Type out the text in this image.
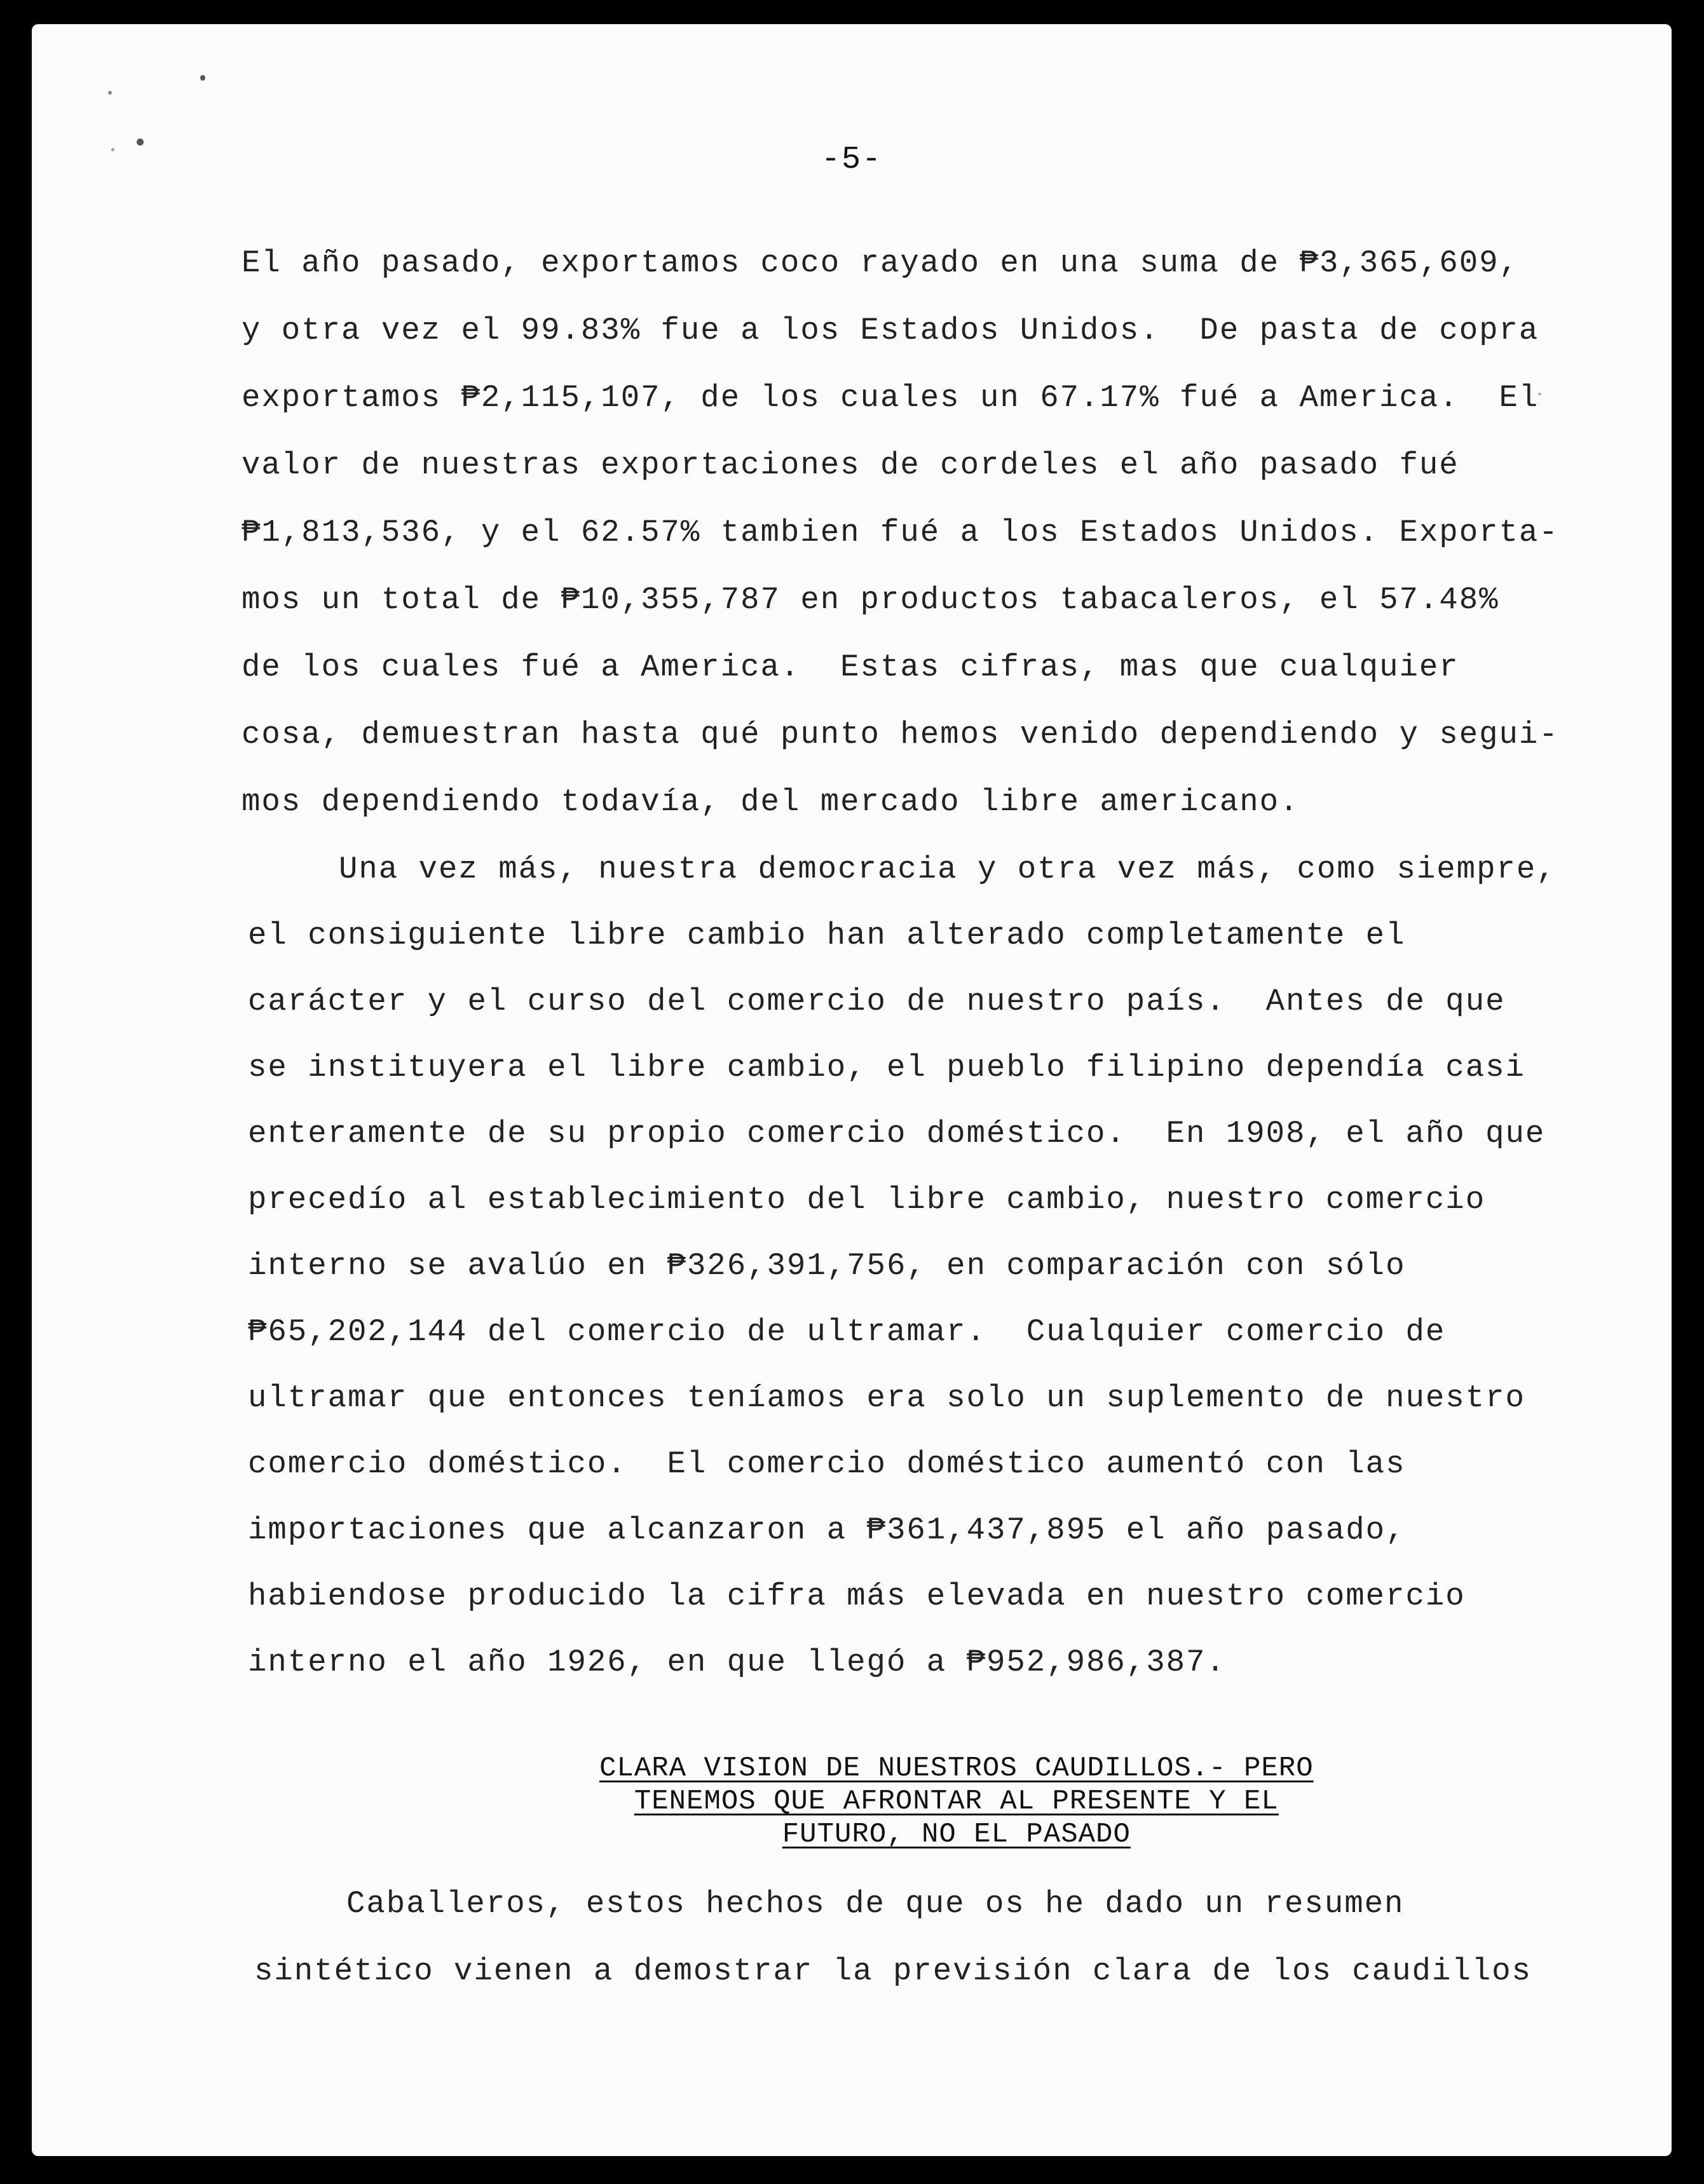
-5-
El año pasado, exportamos coco rayado en una suma de ₱3,365,609,
y otra vez el 99.83% fue a los Estados Unidos.  De pasta de copra
exportamos ₱2,115,107, de los cuales un 67.17% fué a America.  El
valor de nuestras exportaciones de cordeles el año pasado fué
₱1,813,536, y el 62.57% tambien fué a los Estados Unidos. Exporta-
mos un total de ₱10,355,787 en productos tabacaleros, el 57.48%
de los cuales fué a America.  Estas cifras, mas que cualquier
cosa, demuestran hasta qué punto hemos venido dependiendo y segui-
mos dependiendo todavía, del mercado libre americano.
Una vez más, nuestra democracia y otra vez más, como siempre,
el consiguiente libre cambio han alterado completamente el
carácter y el curso del comercio de nuestro país.  Antes de que
se instituyera el libre cambio, el pueblo filipino dependía casi
enteramente de su propio comercio doméstico.  En 1908, el año que
precedío al establecimiento del libre cambio, nuestro comercio
interno se avalúo en ₱326,391,756, en comparación con sólo
₱65,202,144 del comercio de ultramar.  Cualquier comercio de
ultramar que entonces teníamos era solo un suplemento de nuestro
comercio doméstico.  El comercio doméstico aumentó con las
importaciones que alcanzaron a ₱361,437,895 el año pasado,
habiendose producido la cifra más elevada en nuestro comercio
interno el año 1926, en que llegó a ₱952,986,387.

CLARA VISION DE NUESTROS CAUDILLOS.- PERO

TENEMOS QUE AFRONTAR AL PRESENTE Y EL

FUTURO, NO EL PASADO

Caballeros, estos hechos de que os he dado un resumen
sintético vienen a demostrar la previsión clara de los caudillos
